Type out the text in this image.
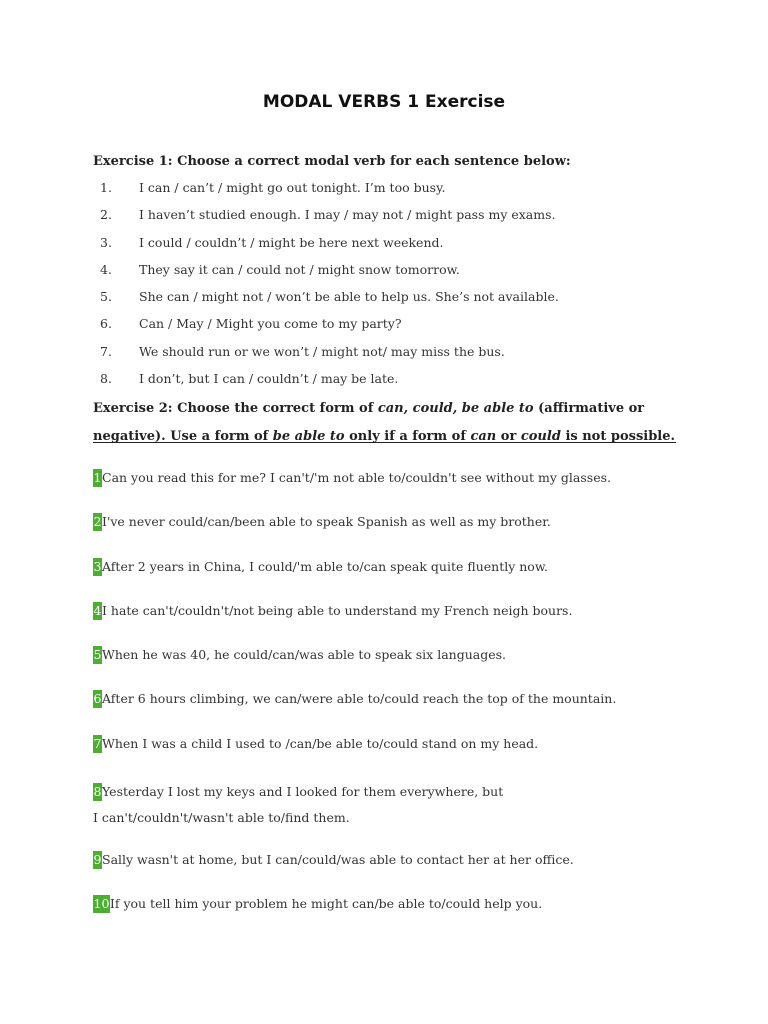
MODAL VERBS 1 Exercise
Exercise 1: Choose a correct modal verb for each sentence below:
1.	I can / can’t / might go out tonight. I’m too busy.
2.	I haven’t studied enough. I may / may not / might pass my exams.
3.	I could / couldn’t / might be here next weekend.
4.	They say it can / could not / might snow tomorrow.
5.	She can / might not / won’t be able to help us. She’s not available.
6.	Can / May / Might you come to my party?
7.	We should run or we won’t / might not/ may miss the bus.
8.	I don’t, but I can / couldn’t / may be late.
Exercise 2: Choose the correct form of can, could, be able to (affirmative or negative). Use a form of be able to only if a form of can or could is not possible.
1Can you read this for me? I can't/'m not able to/couldn't see without my glasses.
2I've never could/can/been able to speak Spanish as well as my brother.
3After 2 years in China, I could/'m able to/can speak quite fluently now.
4I hate can't/couldn't/not being able to understand my French neigh bours.
5When he was 40, he could/can/was able to speak six languages.
6After 6 hours climbing, we can/were able to/could reach the top of the mountain.
7When I was a child I used to /can/be able to/could stand on my head.
8Yesterday I lost my keys and I looked for them everywhere, but
I can't/couldn't/wasn't able to/find them.
9Sally wasn't at home, but I can/could/was able to contact her at her office.
10If you tell him your problem he might can/be able to/could help you.
